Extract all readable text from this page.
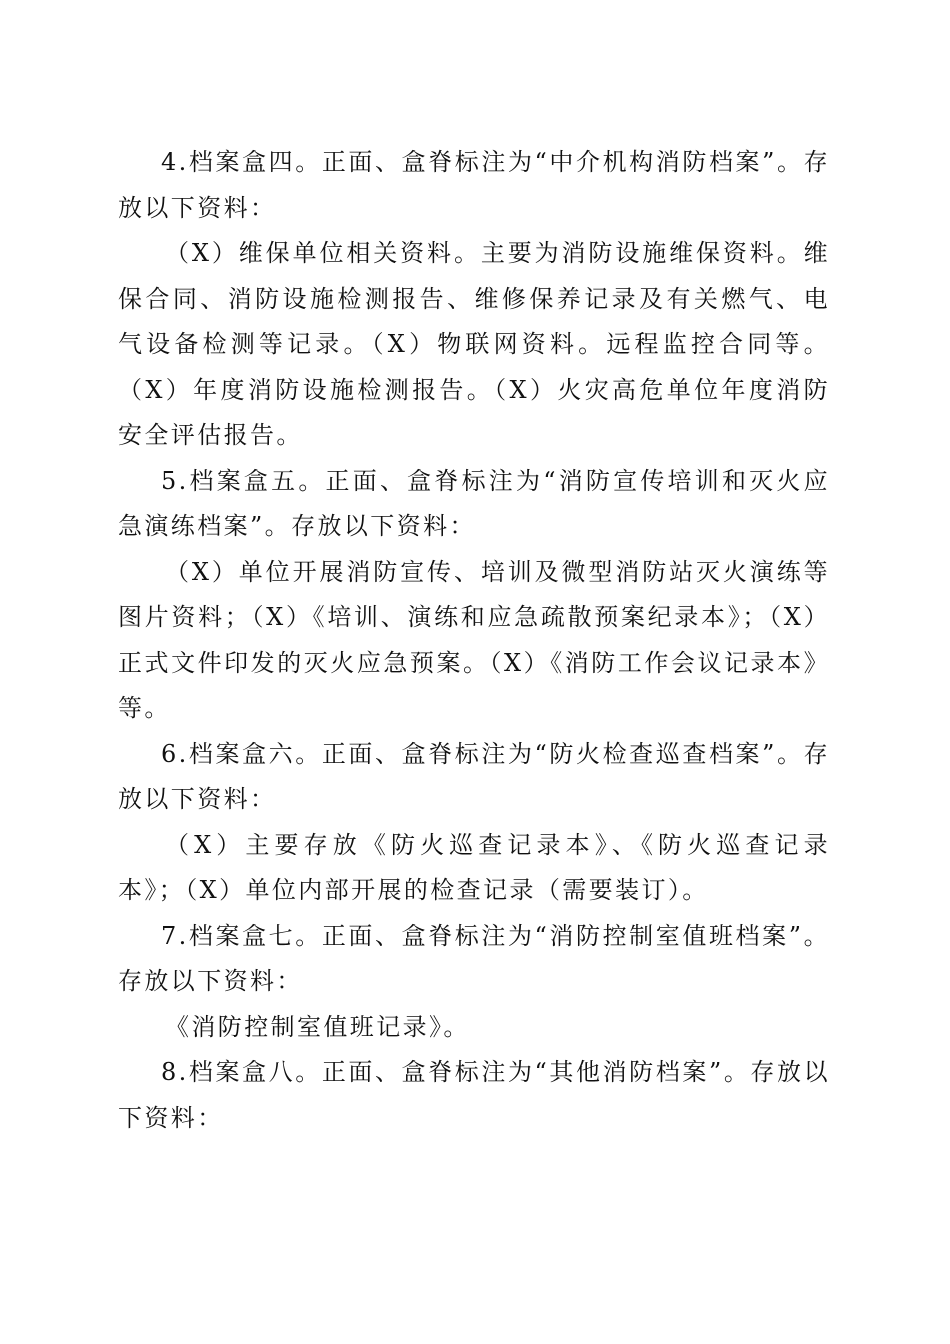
4.档案盒四。正面、盒脊标注为“中介机构消防档案”。存放以下资料：

（X）维保单位相关资料。主要为消防设施维保资料。维保合同、消防设施检测报告、维修保养记录及有关燃气、电气设备检测等记录。（X）物联网资料。远程监控合同等。（X）年度消防设施检测报告。（X）火灾高危单位年度消防安全评估报告。

5.档案盒五。正面、盒脊标注为“消防宣传培训和灭火应急演练档案”。存放以下资料：

（X）单位开展消防宣传、培训及微型消防站灭火演练等图片资料；（X）《培训、演练和应急疏散预案纪录本》；（X）正式文件印发的灭火应急预案。（X）《消防工作会议记录本》等。

6.档案盒六。正面、盒脊标注为“防火检查巡查档案”。存放以下资料：

（X）主要存放《防火巡查记录本》、《防火巡查记录本》；（X）单位内部开展的检查记录（需要装订）。

7.档案盒七。正面、盒脊标注为“消防控制室值班档案”。存放以下资料：

《消防控制室值班记录》。

8.档案盒八。正面、盒脊标注为“其他消防档案”。存放以下资料：
